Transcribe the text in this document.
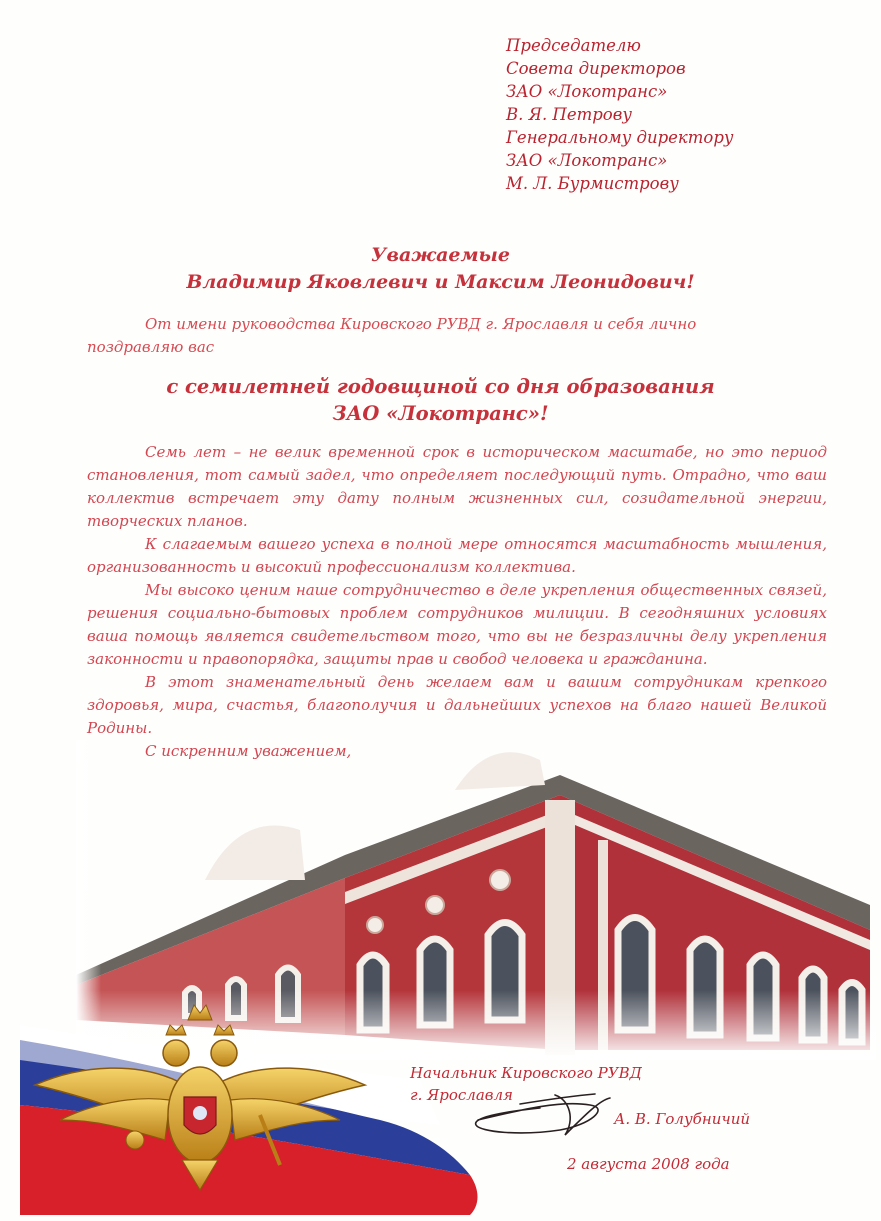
Председателю
Совета директоров
ЗАО «Локотранс»
В. Я. Петрову
Генеральному директору
ЗАО «Локотранс»
М. Л. Бурмистрову
Уважаемые
Владимир Яковлевич и Максим Леонидович!
От имени руководства Кировского РУВД г. Ярославля и себя лично
поздравляю вас
с семилетней годовщиной со дня образования
ЗАО «Локотранс»!

Семь лет – не велик временной срок в историческом масштабе, но это период становления, тот самый задел, что определяет последующий путь. Отрадно, что ваш коллектив встречает эту дату полным жизненных сил, созидательной энергии, творческих планов.

К слагаемым вашего успеха в полной мере относятся масштабность мышления, организованность и высокий профессионализм коллектива.

Мы высоко ценим наше сотрудничество в деле укрепления общественных связей, решения социально-бытовых проблем сотрудников милиции. В сегодняшних условиях ваша помощь является свидетельством того, что вы не безразличны делу укрепления законности и правопорядка, защиты прав и свобод человека и гражданина.

В этот знаменательный день желаем вам и вашим сотрудникам крепкого здоровья, мира, счастья, благополучия и дальнейших успехов на благо нашей Великой Родины.

С искренним уважением,

Начальник Кировского РУВД
г. Ярославля
А. В. Голубничий
2 августа 2008 года
